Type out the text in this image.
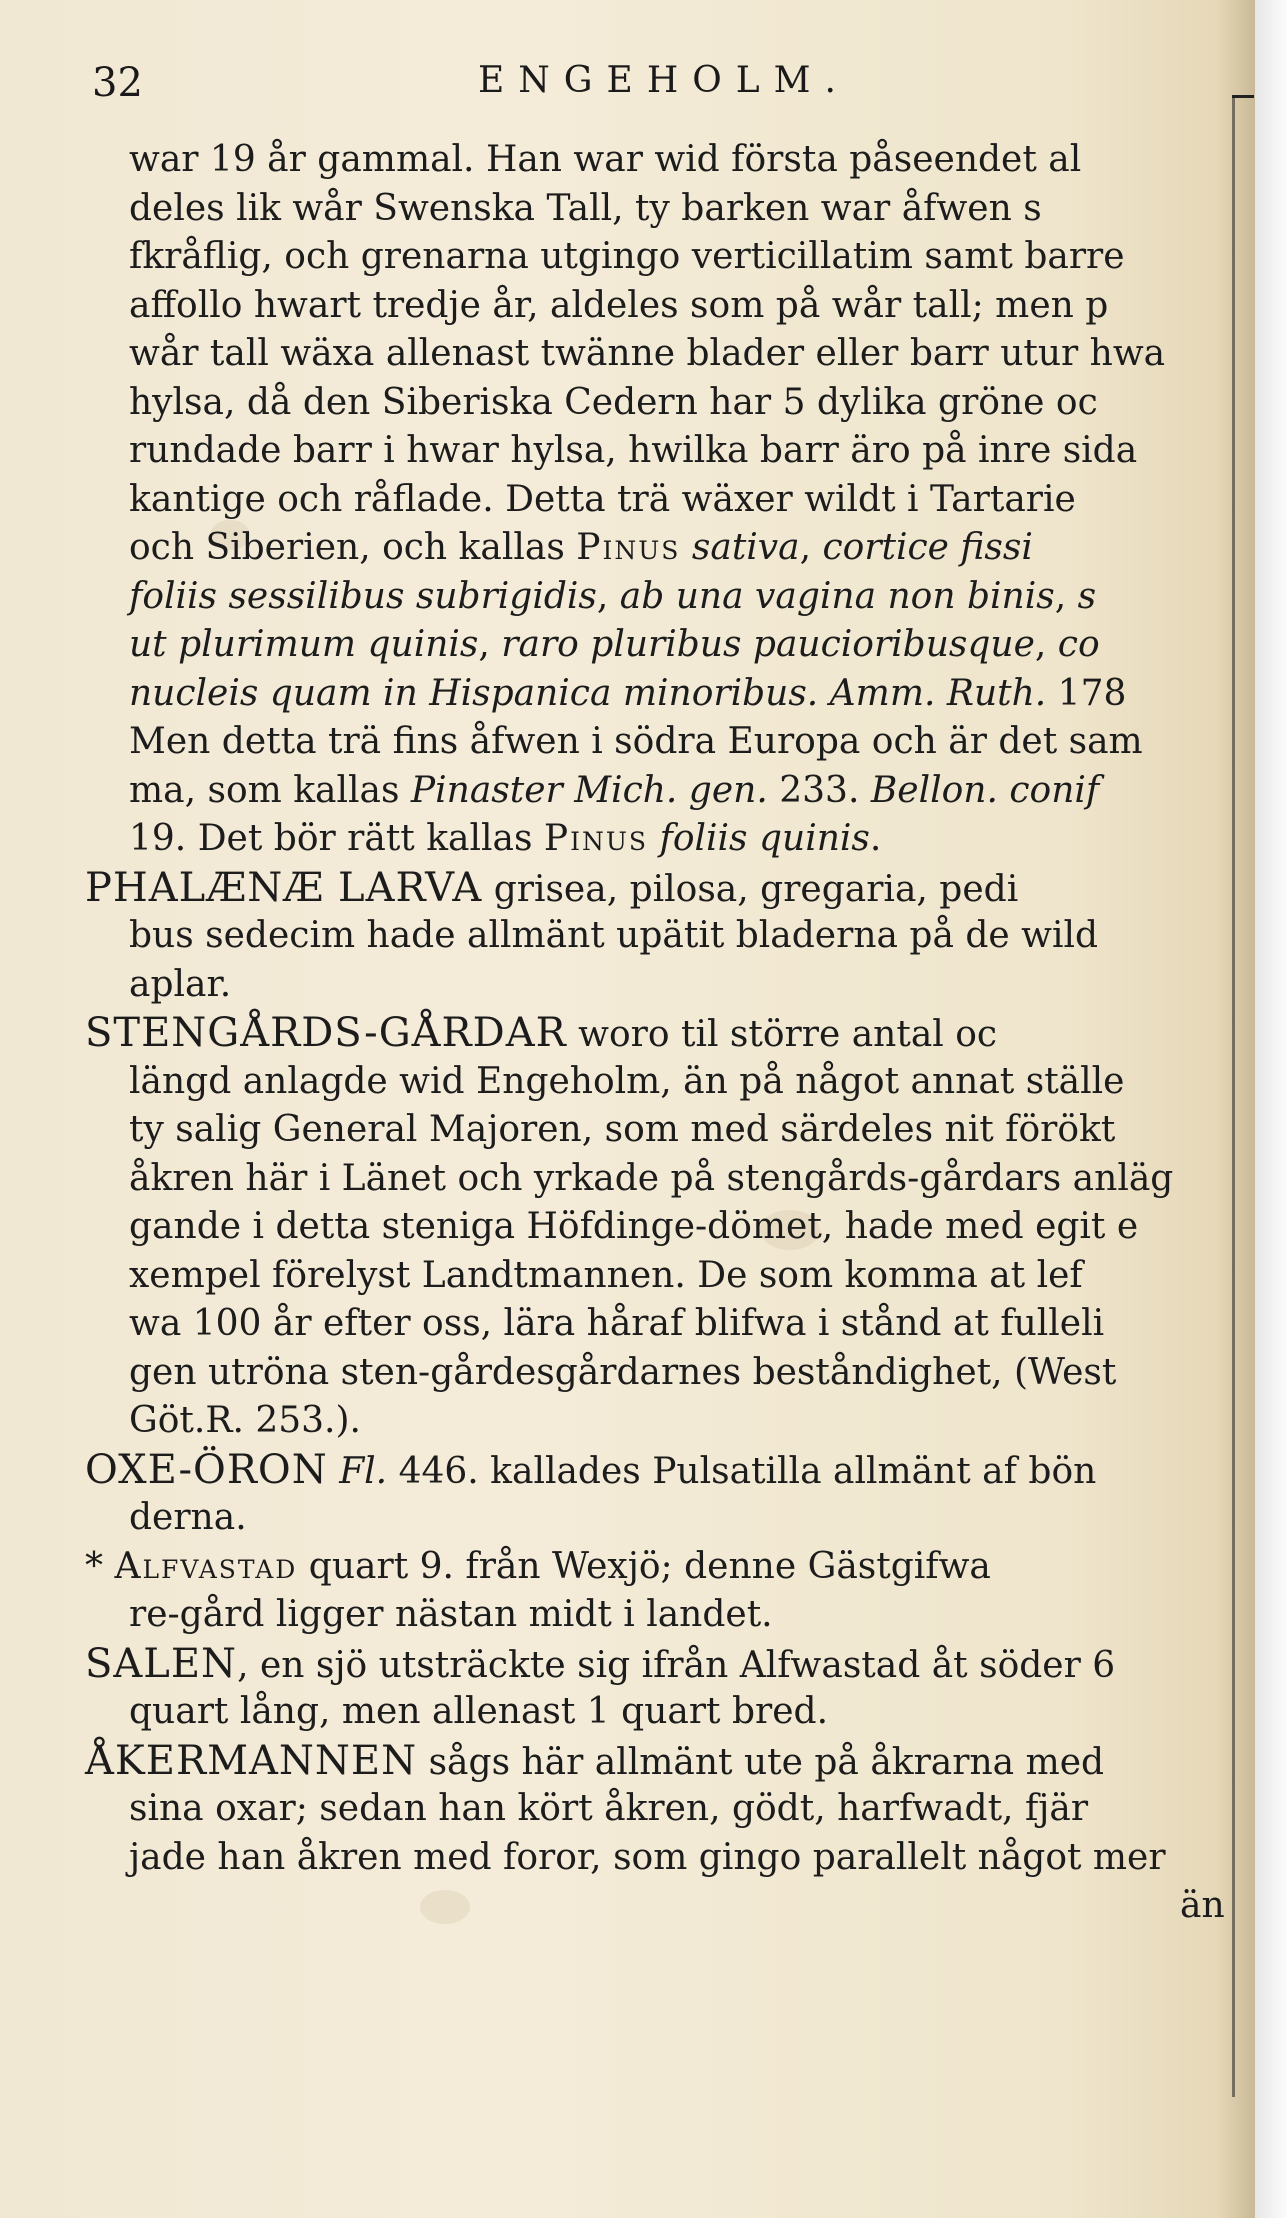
32	ENGEHOLM.
war 19 år gammal. Han war wid första påseendet al
deles lik wår Swenska Tall, ty barken war åfwen s
fkråflig, och grenarna utgingo verticillatim samt barre
affollo hwart tredje år, aldeles som på wår tall; men p
wår tall wäxa allenast twänne blader eller barr utur hwa
hylsa, då den Siberiska Cedern har 5 dylika gröne oc
rundade barr i hwar hylsa, hwilka barr äro på inre sida
kantige och råflade. Detta trä wäxer wildt i Tartarie
och Siberien, och kallas Pinus sativa, cortice fissi
foliis sessilibus subrigidis, ab una vagina non binis, s
ut plurimum quinis, raro pluribus paucioribusque, co
nucleis quam in Hispanica minoribus. Amm. Ruth. 178
Men detta trä fins åfwen i södra Europa och är det sam
ma, som kallas Pinaster Mich. gen. 233. Bellon. conif
19. Det bör rätt kallas Pinus foliis quinis.
PHALÆNÆ LARVA grisea, pilosa, gregaria, pedi
bus sedecim hade allmänt upätit bladerna på de wild
aplar.
STENGÅRDS-GÅRDAR woro til större antal oc
längd anlagde wid Engeholm, än på något annat ställe
ty salig General Majoren, som med särdeles nit förökt
åkren här i Länet och yrkade på stengårds-gårdars anläg
gande i detta steniga Höfdinge-dömet, hade med egit e
xempel förelyst Landtmannen. De som komma at lef
wa 100 år efter oss, lära håraf blifwa i stånd at fulleli
gen utröna sten-gårdesgårdarnes beståndighet, (West
Göt.R. 253.).
OXE-ÖRON Fl. 446. kallades Pulsatilla allmänt af bön
derna.
* Alfvastad quart 9. från Wexjö; denne Gästgifwa
re-gård ligger nästan midt i landet.
SALEN, en sjö utsträckte sig ifrån Alfwastad åt söder 6
quart lång, men allenast 1 quart bred.
ÅKERMANNEN sågs här allmänt ute på åkrarna med
sina oxar; sedan han kört åkren, gödt, harfwadt, fjär
jade han åkren med foror, som gingo parallelt något mer
än
